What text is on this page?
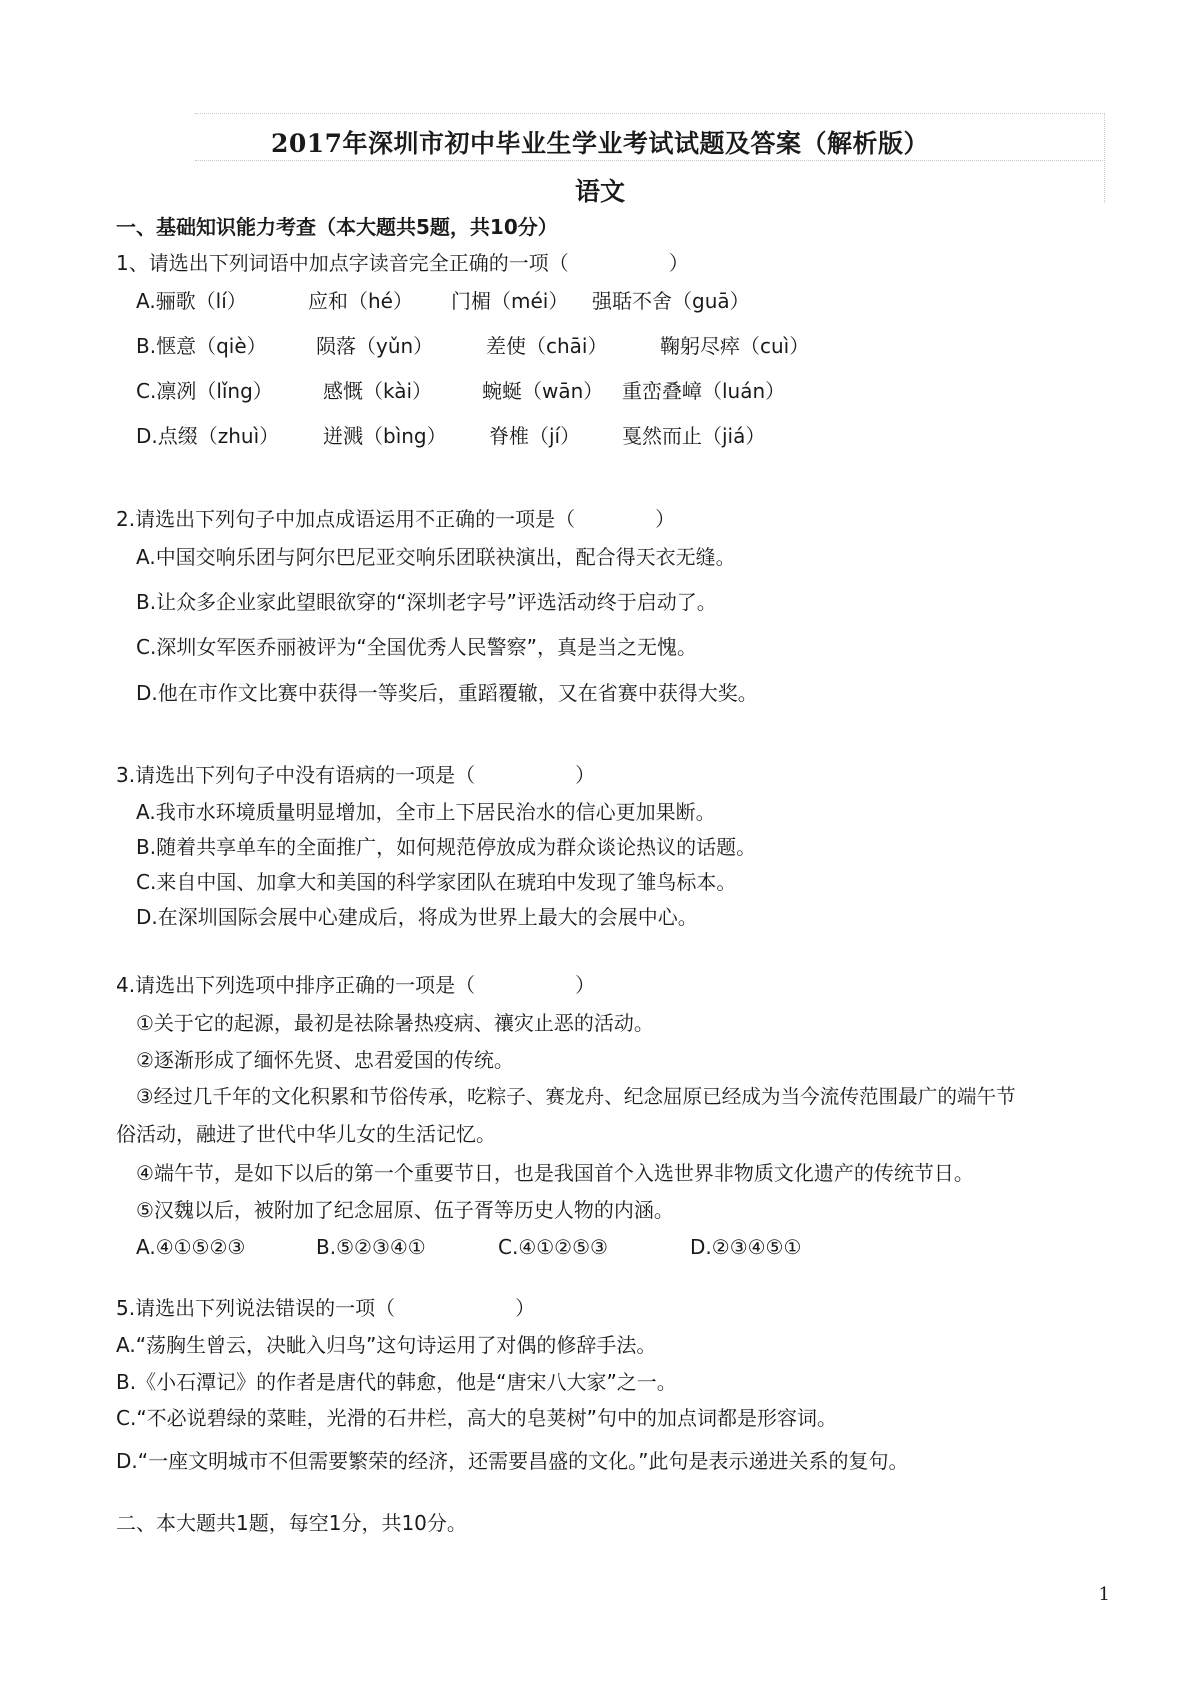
2017年深圳市初中毕业生学业考试试题及答案（解析版）
语文
一、基础知识能力考查（本大题共5题，共10分）
1、请选出下列词语中加点字读音完全正确的一项（　　　　　）
A.骊歌（lí）	应和（hé） 门楣（méi） 强聒不舍（guā）
B.惬意（qiè） 陨落（yǔn）	差使（chāi）	鞠躬尽瘁（cuì）
C.凛冽（lǐng）	感慨（kài） 蜿蜒（wān） 重峦叠嶂（luán）
D.点缀（zhuì） 迸溅（bìng） 脊椎（jí） 戛然而止（jiá）
2.请选出下列句子中加点成语运用不正确的一项是（　　　　）
A.中国交响乐团与阿尔巴尼亚交响乐团联袂演出，配合得天衣无缝。
B.让众多企业家此望眼欲穿的“深圳老字号”评选活动终于启动了。
C.深圳女军医乔丽被评为“全国优秀人民警察”，真是当之无愧。
D.他在市作文比赛中获得一等奖后，重蹈覆辙，又在省赛中获得大奖。
3.请选出下列句子中没有语病的一项是（　　　　　）
A.我市水环境质量明显增加，全市上下居民治水的信心更加果断。
B.随着共享单车的全面推广，如何规范停放成为群众谈论热议的话题。
C.来自中国、加拿大和美国的科学家团队在琥珀中发现了雏鸟标本。
D.在深圳国际会展中心建成后，将成为世界上最大的会展中心。
4.请选出下列选项中排序正确的一项是（　　　　　）
①关于它的起源，最初是祛除暑热疫病、禳灾止恶的活动。
②逐渐形成了缅怀先贤、忠君爱国的传统。
③经过几千年的文化积累和节俗传承，吃粽子、赛龙舟、纪念屈原已经成为当今流传范围最广的端午节
俗活动，融进了世代中华儿女的生活记忆。
④端午节，是如下以后的第一个重要节日，也是我国首个入选世界非物质文化遗产的传统节日。
⑤汉魏以后，被附加了纪念屈原、伍子胥等历史人物的内涵。
A.④①⑤②③	B.⑤②③④①	C.④①②⑤③	D.②③④⑤①
5.请选出下列说法错误的一项（　　　　　　）
A.“荡胸生曾云，决眦入归鸟”这句诗运用了对偶的修辞手法。
B.《小石潭记》的作者是唐代的韩愈，他是“唐宋八大家”之一。
C.“不必说碧绿的菜畦，光滑的石井栏，高大的皂荚树”句中的加点词都是形容词。
D.“一座文明城市不但需要繁荣的经济，还需要昌盛的文化。”此句是表示递进关系的复句。
二、本大题共1题，每空1分，共10分。
1
